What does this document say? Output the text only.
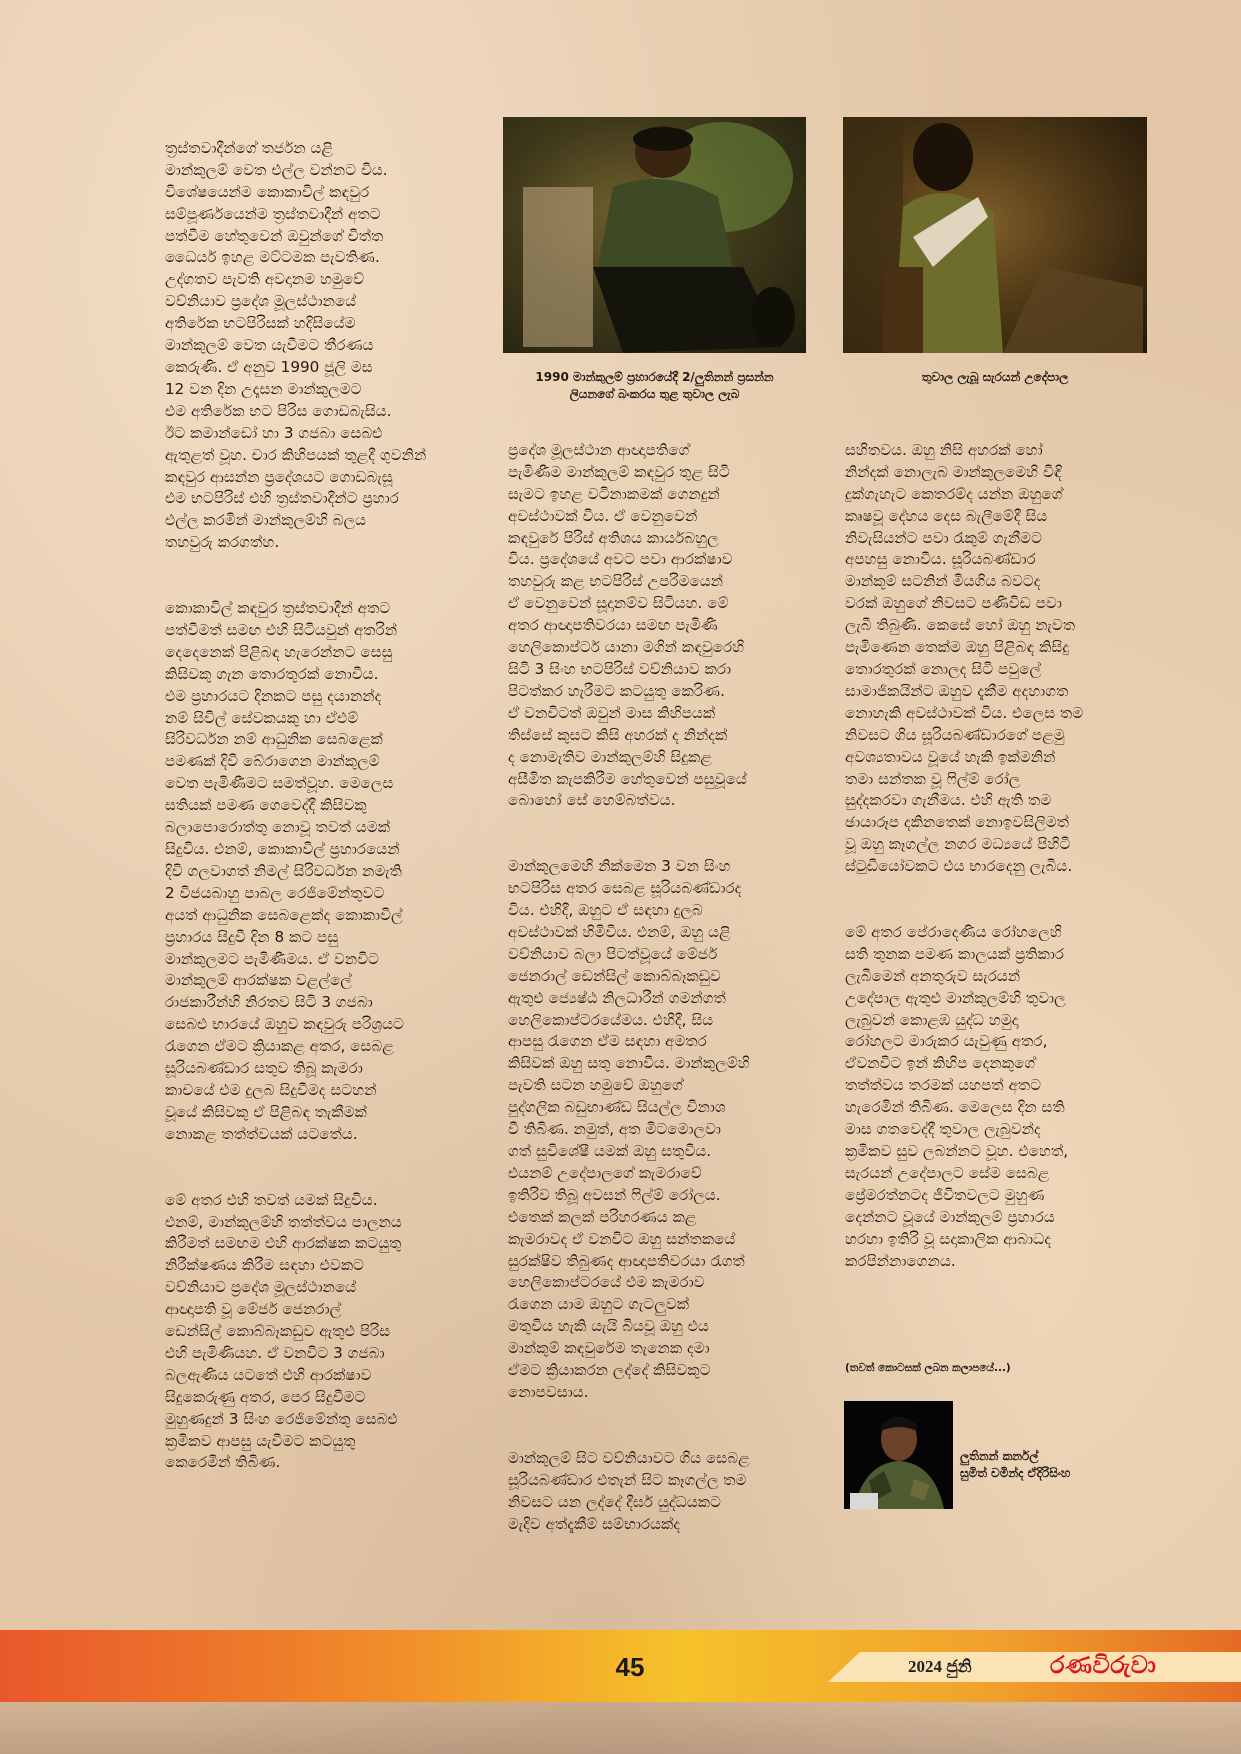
ත්‍රස්තවාදීන්ගේ තර්ජන යළි
මාන්කුලම් වෙත එල්ල වන්නට විය.
විශේෂයෙන්ම කොකාවිල් කඳවුර
සම්පූර්ණයෙන්ම ත්‍රස්තවාදීන් අතට
පත්වීම හේතුවෙන් ඔවුන්ගේ චිත්ත
ධෛර්ය ඉහළ මට්ටමක පැවතිණ.
උද්ගතව පැවති අවදානම හමුවේ
වව්නියාව ප්‍රදේශ මූලස්ථානයේ
අතිරේක භටපිරිසක් හදිසියේම
මාන්කුලම් වෙත යැවීමට තීරණය
කෙරුණි. ඒ අනුව 1990 ජූලි මස
12 වන දින උදෑසන මාන්කුලමට
එම අතිරේක භට පිරිස ගොඩබැසිය.
ඊට කමාන්ඩෝ හා 3 ගජබා සෙබළු
ඇතුළත් වූහ. චාර කිහිපයක් තුළදී ගුවනින්
කඳවුර ආසන්න ප්‍රදේශයට ගොඩබැසූ
එම භටපිරිස් එහි ත්‍රස්තවාදීන්ට ප්‍රහාර
එල්ල කරමින් මාන්කුලම්හි බලය
තහවුරු කරගත්හ.

කොකාවිල් කඳවුර ත්‍රස්තවාදීන් අතට
පත්වීමත් සමඟ එහි සිටියවුන් අතරින්
දෙදෙනෙක් පිළිබඳ හැරෙන්නට සෙසු
කිසිවකු ගැන තොරතුරක් නොවීය.
එම ප්‍රහාරයට දිනකට පසු දයානන්ද
නම් සිවිල් සේවකයකු හා ඒඑම්
සිරිවර්ධන නම් ආධුනික සෙබළෙක්
පමණක් දිවි බේරාගෙන මාන්කුලම්
වෙත පැමිණීමට සමත්වූහ. මෙලෙස
සතියක් පමණ ගෙවෙද්දී කිසිවකු
බලාපොරොත්තු නොවූ තවත් යමක්
සිදුවිය. එනම්, කොකාවිල් ප්‍රහාරයෙන්
දිවි ගලවාගත් නිමල් සිරිවර්ධන නමැති
2 විජයබාහු පාබල රෙජිමේන්තුවට
අයත් ආධුනික සෙබළෙක්ද කොකාවිල්
ප්‍රහාරය සිදුවී දින 8 කට පසු
මාන්කුලමට පැමිණීමය. ඒ වනවිට
මාන්කුලම් ආරක්ෂක වළල්ලේ
රාජකාරීන්හි නිරතව සිටි 3 ගජබා
සෙබළු භාරයේ ඔහුව කඳවුරු පරිශ්‍රයට
රැගෙන ඒමට ක්‍රියාකළ අතර, සෙබළ
සූරියබණ්ඩාර සතුව තිබූ කැමරා
කාචයේ එම දුලබ සිදුවීමද සටහන්
වූයේ කිසිවකු ඒ පිළිබඳ තැකීමක්
නොකළ තත්ත්වයක් යටතේය.

මේ අතර එහි තවත් යමක් සිදුවිය.
එනම්, මාන්කුලම්හි තත්ත්වය පාලනය
කිරීමත් සමඟම එහි ආරක්ෂක කටයුතු
නිරීක්ෂණය කිරීම සඳහා එවකට
වව්නියාව ප්‍රදේශ මූලස්ථානයේ
ආඥාපති වූ මේජර් ජෙනරාල්
ඩෙන්සිල් කොබ්බෑකඩුව ඇතුළු පිරිස
එහි පැමිණියහ. ඒ වනවිට 3 ගජබා
බලඇණිය යටතේ එහි ආරක්ෂාව
සිදුකෙරුණු අතර, පෙර සිදුවීමට
මුහුණදුන් 3 සිංහ රෙජිමේන්තු සෙබළු
ක්‍රමිකව ආපසු යැවීමට කටයුතු
කෙරෙමින් තිබිණ.

1990 මාන්කුලම් ප්‍රහාරයේදී 2/ලුතිනන් ප්‍රසන්න
ලියනගේ බංකරය තුළ තුවාල ලැබ
තුවාල ලැබූ සැරයන් උදේපාල

ප්‍රදේශ මූලස්ථාන ආඥාපතිගේ
පැමිණීම මාන්කුලම් කඳවුර තුළ සිටි
සැමට ඉහළ වටිනාකමක් ගෙනදුන්
අවස්ථාවක් විය. ඒ වෙනුවෙන්
කඳවුරේ පිරිස් අතිශය කාර්යබහුල
විය. ප්‍රදේශයේ අවට පවා ආරක්ෂාව
තහවුරු කළ භටපිරිස් උපරිමයෙන්
ඒ වෙනුවෙන් සූදානම්ව සිටියහ. මේ
අතර ආඥාපතිවරයා සමඟ පැමිණි
හෙලිකොප්ටර් යානා මගින් කඳවුරෙහි
සිටි 3 සිංහ භටපිරිස් වව්නියාව කරා
පිටත්කර හැරීමට කටයුතු කෙරිණ.
ඒ වනවිටත් ඔවුන් මාස කිහිපයක්
තිස්සේ කුසට කිසි අහරක් ද නින්දක්
ද නොමැතිව මාන්කුලම්හි සිදුකළ
අසීමිත කැපකිරීම හේතුවෙන් පසුවූයේ
බොහෝ සේ හෙම්බත්වය.

මාන්කුලමෙහි නික්මෙන 3 වන සිංහ
භටපිරිස අතර සෙබළ සූරියබණ්ඩාරද
විය. එහිදී, ඔහුට ඒ සඳහා දුලබ
අවස්ථාවක් හිමිවිය. එනම්, ඔහු යළි
වව්නියාව බලා පිටත්වූයේ මේජර්
ජෙනරාල් ඩෙන්සිල් කොබ්බෑකඩුව
ඇතුළු ජ්‍යෙෂ්ඨ නිලධාරීන් ගමන්ගත්
හෙලිකොප්ටරයේමය. එහිදී, සිය
ආපසු රැගෙන ඒම සඳහා අමතර
කිසිවක් ඔහු සතු නොවීය. මාන්කුලම්හි
පැවති සටන හමුවේ ඔහුගේ
පුද්ගලික බඩුභාණ්ඩ සියල්ල විනාශ
වී තිබිණ. නමුත්, අත මිටමොලවා
ගත් සුවිශේෂී යමක් ඔහු සතුවිය.
එයනම් උදේපාලගේ කැමරාවේ
ඉතිරිව තිබූ අවසන් ෆිල්ම් රෝලය.
එතෙක් කලක් පරිහරණය කළ
කැමරාවද ඒ වනවිට ඔහු සන්තකයේ
සුරක්ෂිව තිබුණද ආඥාපතිවරයා රැගත්
හෙලිකොප්ටරයේ එම කැමරාව
රැගෙන යාම ඔහුට ගැටලුවක්
මතුවිය හැකි යැයි බියවූ ඔහු එය
මාන්කුම් කඳවුරේම තැනෙක දමා
ඒමට ක්‍රියාකරන ලද්දේ කිසිවකුට
නොපවසාය.

මාන්කුලම් සිට වව්නියාවට ගිය සෙබළ
සූරියබණ්ඩාර එතැන් සිට කෑගල්ල තම
නිවසට යන ලද්දේ දීර්ඝ යුද්ධයකට
මැදිව අත්දැකීම් සම්භාරයක්ද

සහිතවය. ඔහු නිසි අහරක් හෝ
නින්දක් නොලැබ මාන්කුලමෙහි විඳි
දුක්ගැහැට කෙතරම්ද යන්න ඔහුගේ
කෘෂවූ දේහය දෙස බැලීමේදී සිය
නිවැසියන්ට පවා රැකුම් ගැනීමට
අපහසු නොවීය. සූරියබණ්ඩාර
මාන්කුම් සටනින් මියගිය බවටද
වරක් ඔහුගේ නිවසට පණිවිඩ පවා
ලැබී තිබුණි. කෙසේ හෝ ඔහු නැවත
පැමිණෙන තෙක්ම ඔහු පිළිබඳ කිසිදු
තොරතුරක් නොලද සිටි පවුලේ
සාමාජිකයින්ට ඔහුව දැකීම අදහාගත
නොහැකි අවස්ථාවක් විය. එලෙස තම
නිවසට ගිය සූරියබණ්ඩාරගේ පළමු
අවශ්‍යතාවය වූයේ හැකි ඉක්මනින්
තමා සන්තක වූ ෆිල්ම් රෝල
සුද්දකරවා ගැනීමය. එහි ඇති තම
ඡායාරූප දකිනතෙක් නොඉවසිලිමත්
වූ ඔහු කෑගල්ල නගර මධ්‍යයේ පිහිටි
ස්ටුඩියෝවකට එය භාරදෙනු ලැබීය.

මේ අතර පේරාදෙණිය රෝහලෙහි
සති තුනක පමණ කාලයක් ප්‍රතිකාර
ලැබීමෙන් අනතුරුව සැරයන්
උදේපාල ඇතුළු මාන්කුලම්හි තුවාල
ලැබුවන් කොළඹ යුද්ධ හමුදා
රෝහලට මාරුකර යැවුණු අතර,
ඒවනවිට ඉන් කිහිප දෙනකුගේ
තත්ත්වය තරමක් යහපත් අතට
හැරෙමින් තිබිණ. මෙලෙස දින සති
මාස ගතවෙද්දී තුවාල ලැබුවන්ද
ක්‍රමිකව සුව ලබන්නට වූහ. එහෙත්,
සැරයන් උදේපාලට සේම සෙබළ
ප්‍රේමරත්නටද ජීවිතවලට මුහුණ
දෙන්නට වූයේ මාන්කුලම් ප්‍රහාරය
හරහා ඉතිරි වූ සදාකාලික ආබාධද
කරපින්නාගෙනය.

(තවත් කොටසක් ලබන කලාපයේ...)
ලුතිනන් කර්නල්
සුමිත් චමින්ද ඒදිරිසිංහ
45	2024 ජුනි	රණවිරුවා
